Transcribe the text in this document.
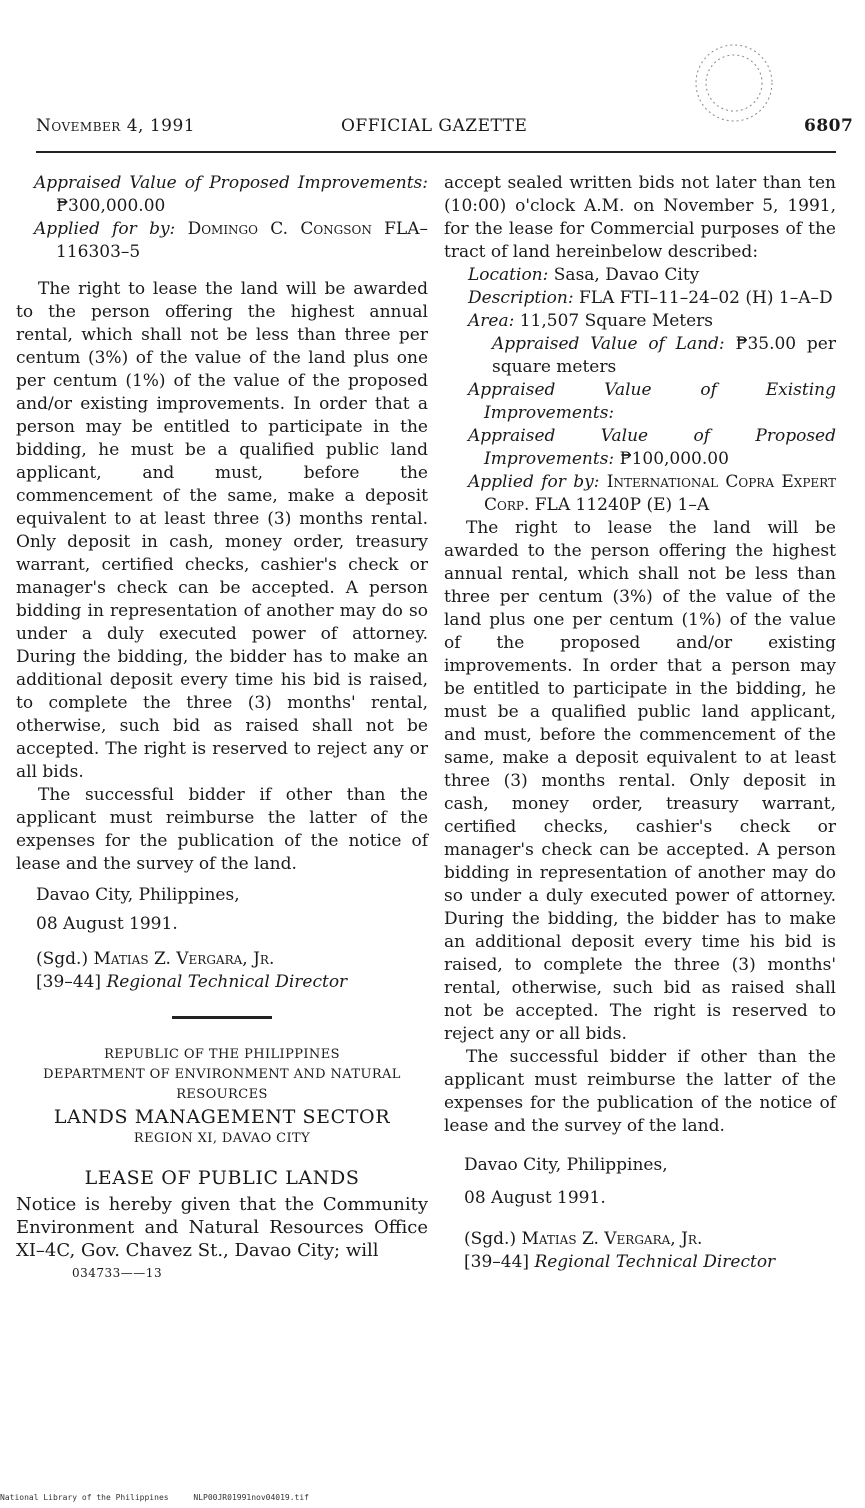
November 4, 1991	OFFICIAL GAZETTE	6807

Appraised Value of Proposed Improvements: ₱300,000.00

Applied for by: Domingo C. Congson FLA–116303–5

The right to lease the land will be awarded to the person offering the highest annual rental, which shall not be less than three per centum (3%) of the value of the land plus one per centum (1%) of the value of the proposed and/or existing improvements. In order that a person may be entitled to participate in the bidding, he must be a qualified public land applicant, and must, before the commencement of the same, make a deposit equivalent to at least three (3) months rental. Only deposit in cash, money order, treasury warrant, certified checks, cashier's check or manager's check can be accepted. A person bidding in representation of another may do so under a duly executed power of attorney. During the bidding, the bidder has to make an additional deposit every time his bid is raised, to complete the three (3) months' rental, otherwise, such bid as raised shall not be accepted. The right is reserved to reject any or all bids.

The successful bidder if other than the applicant must reimburse the latter of the expenses for the publication of the notice of lease and the survey of the land.

Davao City, Philippines,

08 August 1991.

(Sgd.) Matias Z. Vergara, Jr.

[39–44] Regional Technical Director

REPUBLIC OF THE PHILIPPINES

DEPARTMENT OF ENVIRONMENT AND NATURAL RESOURCES

LANDS MANAGEMENT SECTOR

REGION XI, DAVAO CITY

LEASE OF PUBLIC LANDS

Notice is hereby given that the Community Environment and Natural Resources Office XI–4C, Gov. Chavez St., Davao City; will

034733——13

accept sealed written bids not later than ten (10:00) o'clock A.M. on November 5, 1991, for the lease for Commercial purposes of the tract of land hereinbelow described:

Location: Sasa, Davao City

Description: FLA FTI–11–24–02 (H) 1–A–D

Area: 11,507 Square Meters

Appraised Value of Land: ₱35.00 per square meters

Appraised Value of Existing Improvements:

Appraised Value of Proposed Improvements: ₱100,000.00

Applied for by: International Copra Expert Corp. FLA 11240P (E) 1–A

The right to lease the land will be awarded to the person offering the highest annual rental, which shall not be less than three per centum (3%) of the value of the land plus one per centum (1%) of the value of the proposed and/or existing improvements. In order that a person may be entitled to participate in the bidding, he must be a qualified public land applicant, and must, before the commencement of the same, make a deposit equivalent to at least three (3) months rental. Only deposit in cash, money order, treasury warrant, certified checks, cashier's check or manager's check can be accepted. A person bidding in representation of another may do so under a duly executed power of attorney. During the bidding, the bidder has to make an additional deposit every time his bid is raised, to complete the three (3) months' rental, otherwise, such bid as raised shall not be accepted. The right is reserved to reject any or all bids.

The successful bidder if other than the applicant must reimburse the latter of the expenses for the publication of the notice of lease and the survey of the land.

Davao City, Philippines,

08 August 1991.

(Sgd.) Matias Z. Vergara, Jr.

[39–44] Regional Technical Director

National Library of the Philippines	NLP00JR01991nov04019.tif
